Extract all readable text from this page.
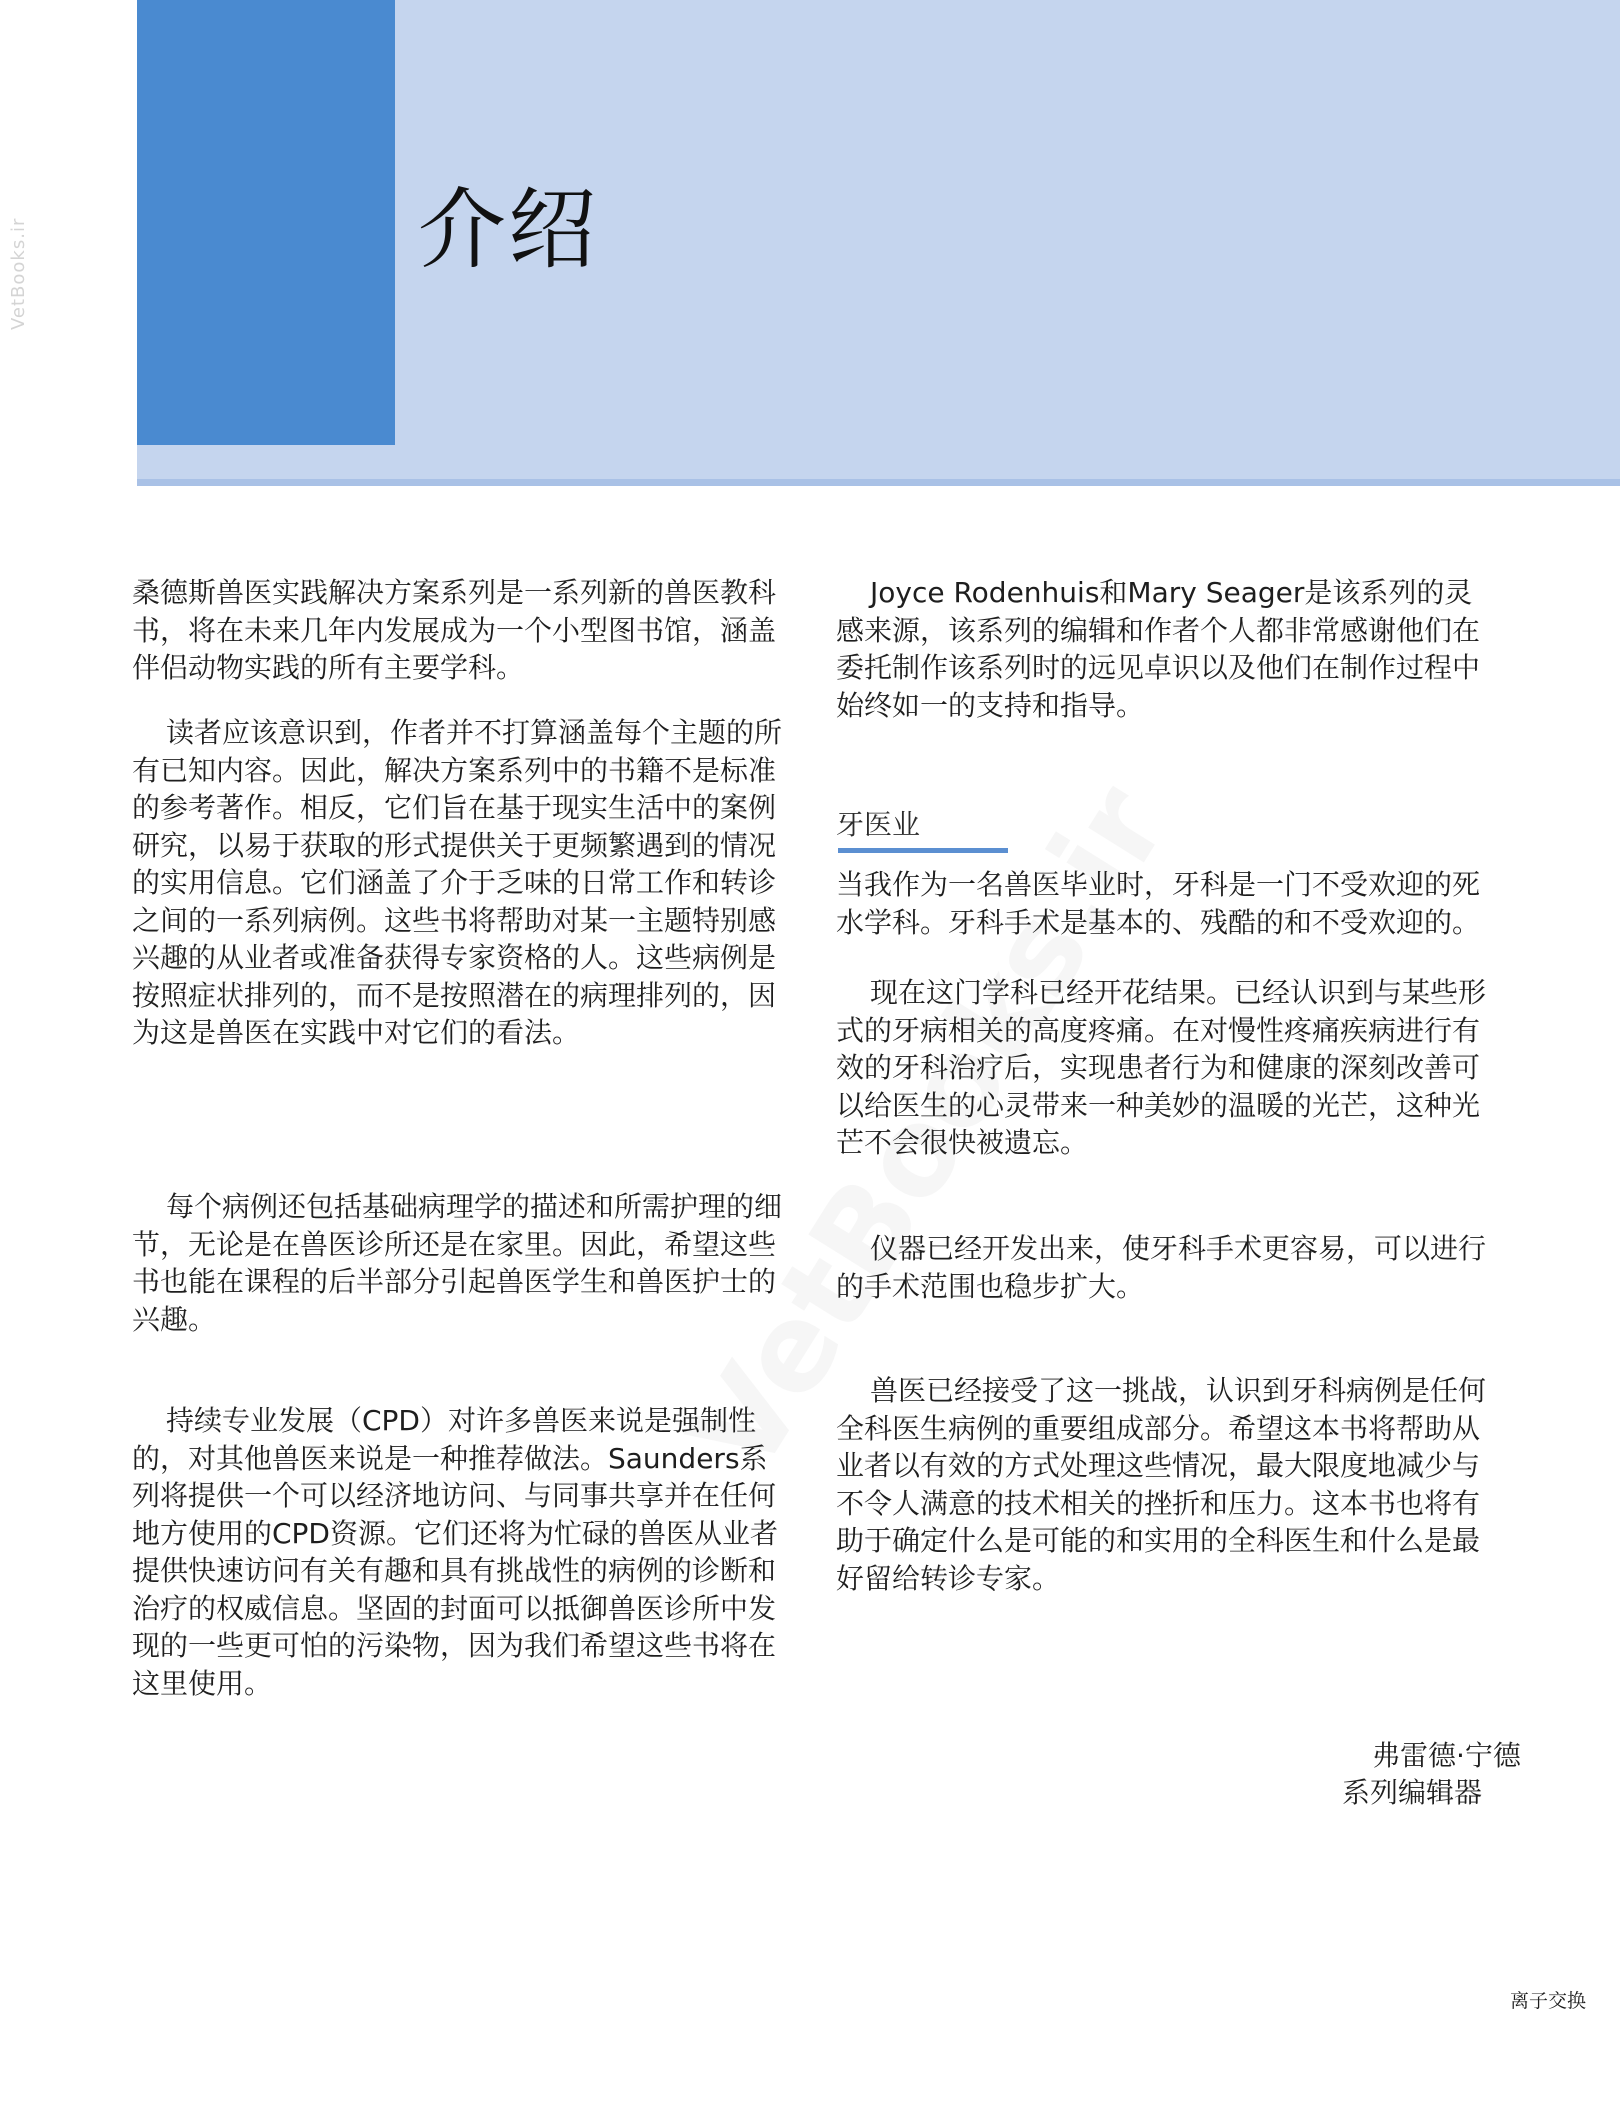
介绍
VetBooks.ir

桑德斯兽医实践解决方案系列是一系列新的兽医教科书，将在未来几年内发展成为一个小型图书馆，涵盖伴侣动物实践的所有主要学科。

读者应该意识到，作者并不打算涵盖每个主题的所有已知内容。因此，解决方案系列中的书籍不是标准的参考著作。相反，它们旨在基于现实生活中的案例研究，以易于获取的形式提供关于更频繁遇到的情况的实用信息。它们涵盖了介于乏味的日常工作和转诊之间的一系列病例。这些书将帮助对某一主题特别感兴趣的从业者或准备获得专家资格的人。这些病例是按照症状排列的，而不是按照潜在的病理排列的，因为这是兽医在实践中对它们的看法。

每个病例还包括基础病理学的描述和所需护理的细节，无论是在兽医诊所还是在家里。因此，希望这些书也能在课程的后半部分引起兽医学生和兽医护士的兴趣。

持续专业发展（CPD）对许多兽医来说是强制性的，对其他兽医来说是一种推荐做法。Saunders系列将提供一个可以经济地访问、与同事共享并在任何地方使用的CPD资源。它们还将为忙碌的兽医从业者提供快速访问有关有趣和具有挑战性的病例的诊断和治疗的权威信息。坚固的封面可以抵御兽医诊所中发现的一些更可怕的污染物，因为我们希望这些书将在这里使用。

Joyce Rodenhuis和Mary Seager是该系列的灵感来源，该系列的编辑和作者个人都非常感谢他们在委托制作该系列时的远见卓识以及他们在制作过程中始终如一的支持和指导。

牙医业

当我作为一名兽医毕业时，牙科是一门不受欢迎的死水学科。牙科手术是基本的、残酷的和不受欢迎的。

现在这门学科已经开花结果。已经认识到与某些形式的牙病相关的高度疼痛。在对慢性疼痛疾病进行有效的牙科治疗后，实现患者行为和健康的深刻改善可以给医生的心灵带来一种美妙的温暖的光芒，这种光芒不会很快被遗忘。

仪器已经开发出来，使牙科手术更容易，可以进行的手术范围也稳步扩大。

兽医已经接受了这一挑战，认识到牙科病例是任何全科医生病例的重要组成部分。希望这本书将帮助从业者以有效的方式处理这些情况，最大限度地减少与不令人满意的技术相关的挫折和压力。这本书也将有助于确定什么是可能的和实用的全科医生和什么是最好留给转诊专家。

弗雷德·宁德
系列编辑器
离子交换
